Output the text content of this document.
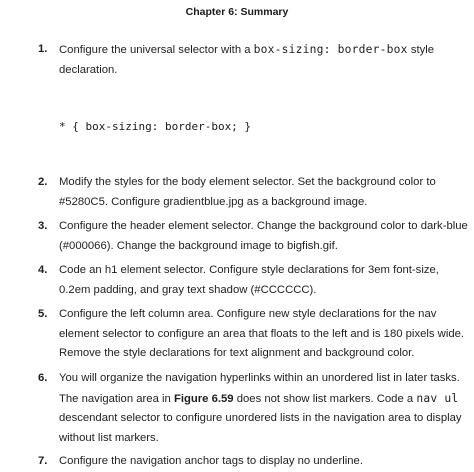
Chapter 6: Summary
1.	Configure the universal selector with a box-sizing: border-box style declaration.
* { box-sizing: border-box; }
2.	Modify the styles for the body element selector. Set the background color to #5280C5. Configure gradientblue.jpg as a background image.
3.	Configure the header element selector. Change the background color to dark-blue (#000066). Change the background image to bigfish.gif.
4.	Code an h1 element selector. Configure style declarations for 3em font-size, 0.2em padding, and gray text shadow (#CCCCCC).
5.	Configure the left column area. Configure new style declarations for the nav element selector to configure an area that floats to the left and is 180 pixels wide. Remove the style declarations for text alignment and background color.
6.	You will organize the navigation hyperlinks within an unordered list in later tasks. The navigation area in Figure 6.59 does not show list markers. Code a nav ul descendant selector to configure unordered lists in the navigation area to display without list markers.
7.	Configure the navigation anchor tags to display no underline.
